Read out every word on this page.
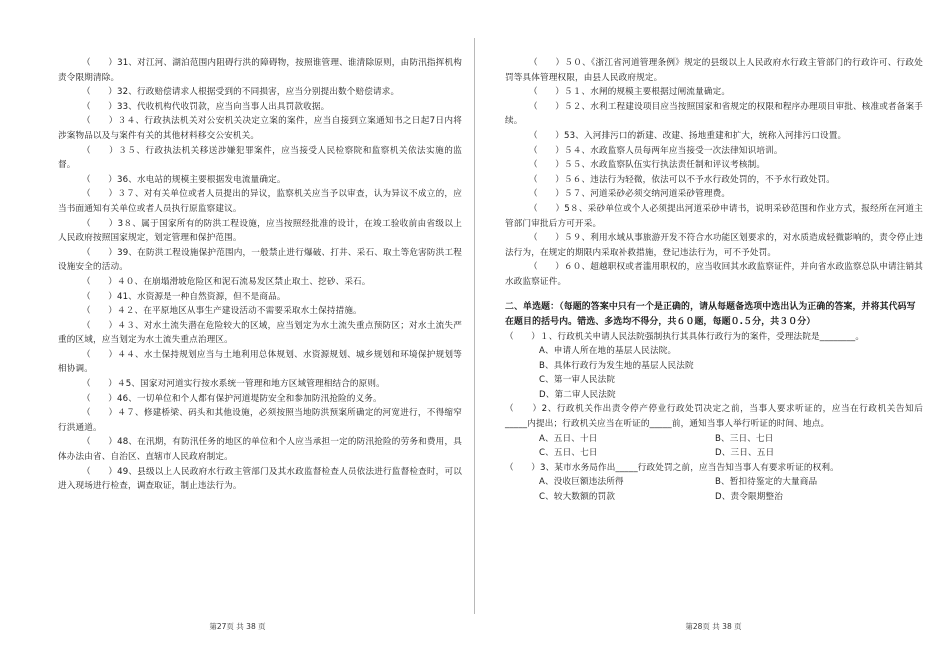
（　　）31、对江河、湖泊范围内阻碍行洪的障碍物，按照谁管理、谁清除原则，由防汛指挥机构责令限期清除。

（　　）32、行政赔偿请求人根据受到的不同损害，应当分别提出数个赔偿请求。

（　　）33、代收机构代收罚款，应当向当事人出具罚款收据。

（　　）３４、行政执法机关对公安机关决定立案的案件，应当自接到立案通知书之日起7日内将涉案物品以及与案件有关的其他材料移交公安机关。

（　　）３５、行政执法机关移送涉嫌犯罪案件，应当接受人民检察院和监察机关依法实施的监督。

（　　）36、水电站的规模主要根据发电流量确定。

（　　）３７、对有关单位或者人员提出的异议，监察机关应当予以审查，认为异议不成立的，应当书面通知有关单位或者人员执行原监察建议。

（　　）3８、属于国家所有的防洪工程设施，应当按照经批准的设计，在竣工验收前由省级以上人民政府按照国家规定，划定管理和保护范围。

（　　）39、在防洪工程设施保护范围内，一般禁止进行爆破、打井、采石、取土等危害防洪工程设施安全的活动。

（　　）４０、在崩塌滑坡危险区和泥石流易发区禁止取土、挖砂、采石。

（　　）41、水资源是一种自然资源，但不是商品。

（　　）４２、在平原地区从事生产建设活动不需要采取水土保持措施。

（　　）４３、对水土流失潜在危险较大的区域，应当划定为水土流失重点预防区；对水土流失严重的区域，应当划定为水土流失重点治理区。

（　　）４４、水土保持规划应当与土地利用总体规划、水资源规划、城乡规划和环境保护规划等相协调。

（　　）４5、国家对河道实行按水系统一管理和地方区域管理相结合的原则。

（　　）46、一切单位和个人都有保护河道堤防安全和参加防汛抢险的义务。

（　　）４７、修建桥梁、码头和其他设施，必须按照当地防洪预案所确定的河宽进行，不得缩窄行洪通道。

（　　）48、在汛期，有防汛任务的地区的单位和个人应当承担一定的防汛抢险的劳务和费用，具体办法由省、自治区、直辖市人民政府制定。

（　　）49、县级以上人民政府水行政主管部门及其水政监督检查人员依法进行监督检查时，可以进入现场进行检查，调查取证，制止违法行为。

第27页 共 38 页

（　　）５０、《浙江省河道管理条例》规定的县级以上人民政府水行政主管部门的行政许可、行政处罚等具体管理权限，由县人民政府规定。

（　　）５１、水闸的规模主要根据过闸流量确定。

（　　）５２、水利工程建设项目应当按照国家和省规定的权限和程序办理项目审批、核准或者备案手续。

（　　）53、入河排污口的新建、改建、扬地重建和扩大，统称入河排污口设置。

（　　）５４、水政监察人员每两年应当接受一次法律知识培训。

（　　）５５、水政监察队伍实行执法责任制和评议考核制。

（　　）５６、违法行为轻微，依法可以不予水行政处罚的，不予水行政处罚。

（　　）５７、河道采砂必须交纳河道采砂管理费。

（　　）5８、采砂单位或个人必须提出河道采砂申请书，说明采砂范围和作业方式，报经所在河道主管部门审批后方可开采。

（　　）５９、利用水域从事旅游开发不符合水功能区划要求的，对水质造成轻微影响的，责令停止违法行为，在规定的期限内采取补救措施，登记违法行为，可不予处罚。

（　　）６０、超越职权或者滥用职权的，应当收回其水政监察证件，并向省水政监察总队申请注销其水政监察证件。

二、单选题：（每题的答案中只有一个是正确的，请从每题备选项中选出认为正确的答案，并将其代码写在题目的括号内。错选、多选均不得分，共６０题，每题０.５分，共３０分）

（　　）１、行政机关申请人民法院强制执行其具体行政行为的案件，受理法院是________。

A、申请人所在地的基层人民法院。

B、具体行政行为发生地的基层人民法院

C、第一审人民法院

D、第二审人民法院

（　　）2、行政机关作出责令停产停业行政处罚决定之前，当事人要求听证的，应当在行政机关告知后_____内提出；行政机关应当在听证的_____前，通知当事人举行听证的时间、地点。

A、五日、十日	B、三日、七日
C、五日、七日	D、三日、五日

（　　）3、某市水务局作出_____行政处罚之前，应当告知当事人有要求听证的权利。

A、没收巨额违法所得	B、暂扣待鉴定的大量商品
C、较大数额的罚款	D、责令限期整治
第28页 共 38 页
